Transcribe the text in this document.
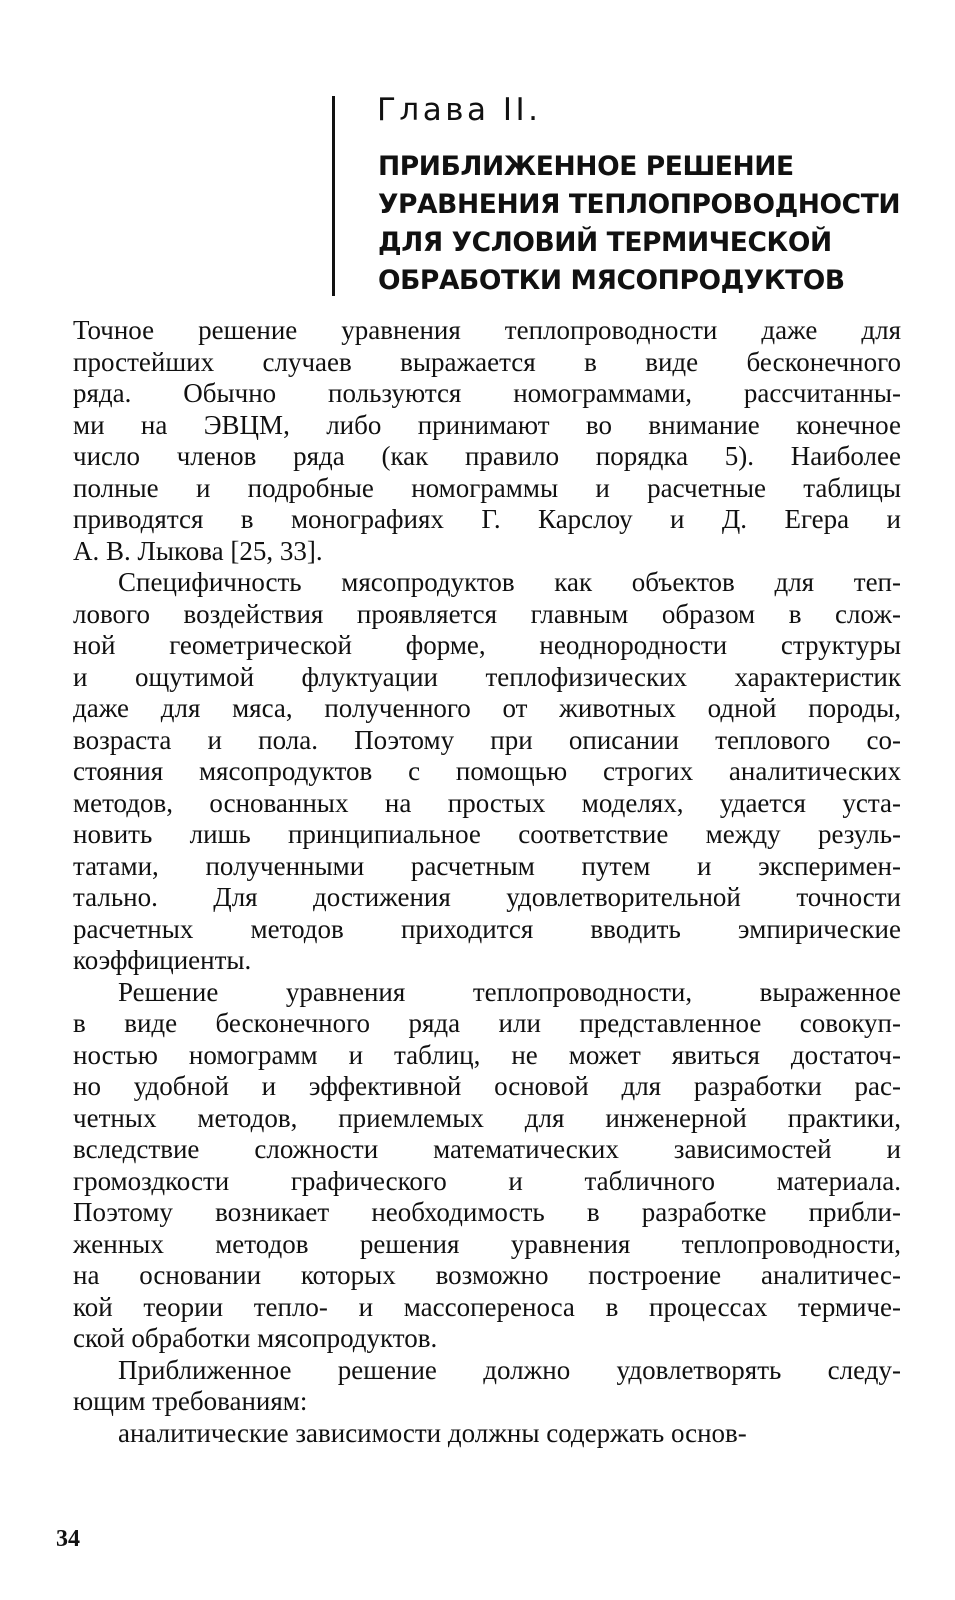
Глава II.
ПРИБЛИЖЕННОЕ РЕШЕНИЕ
УРАВНЕНИЯ ТЕПЛОПРОВОДНОСТИ
ДЛЯ УСЛОВИЙ ТЕРМИЧЕСКОЙ
ОБРАБОТКИ МЯСОПРОДУКТОВ
Точное решение уравнения теплопроводности даже для
простейших случаев выражается в виде бесконечного
ряда. Обычно пользуются номограммами, рассчитанны-
ми на ЭВЦМ, либо принимают во внимание конечное
число членов ряда (как правило порядка 5). Наиболее
полные и подробные номограммы и расчетные таблицы
приводятся в монографиях Г. Карслоу и Д. Егера и
А. В. Лыкова [25, 33].
Специфичность мясопродуктов как объектов для теп-
лового воздействия проявляется главным образом в слож-
ной геометрической форме, неоднородности структуры
и ощутимой флуктуации теплофизических характеристик
даже для мяса, полученного от животных одной породы,
возраста и пола. Поэтому при описании теплового со-
стояния мясопродуктов с помощью строгих аналитических
методов, основанных на простых моделях, удается уста-
новить лишь принципиальное соответствие между резуль-
татами, полученными расчетным путем и эксперимен-
тально. Для достижения удовлетворительной точности
расчетных методов приходится вводить эмпирические
коэффициенты.
Решение уравнения теплопроводности, выраженное
в виде бесконечного ряда или представленное совокуп-
ностью номограмм и таблиц, не может явиться достаточ-
но удобной и эффективной основой для разработки рас-
четных методов, приемлемых для инженерной практики,
вследствие сложности математических зависимостей и
громоздкости графического и табличного материала.
Поэтому возникает необходимость в разработке прибли-
женных методов решения уравнения теплопроводности,
на основании которых возможно построение аналитичес-
кой теории тепло- и массопереноса в процессах термиче-
ской обработки мясопродуктов.
Приближенное решение должно удовлетворять следу-
ющим требованиям:
аналитические зависимости должны содержать основ-

34
